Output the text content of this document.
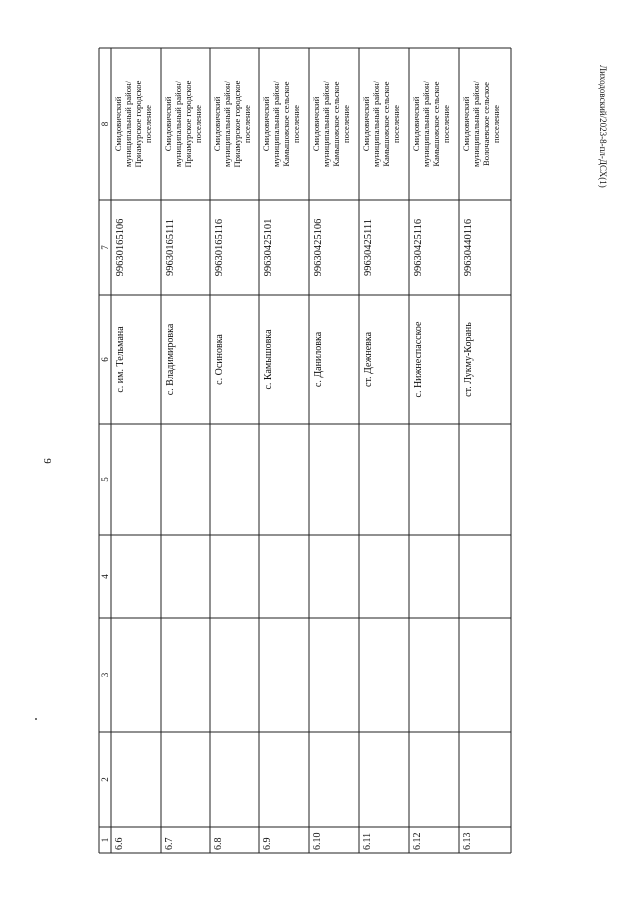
9
Лиходовский/2023-8-пл-ДСХ(1)
1
2
3
4
5
6
7
8
6.6
с. им. Тельмана
99630165106
Смидовичский муниципальный район/ Приамурское городское поселение
6.7
с. Владимировка
99630165111
Смидовичский муниципальный район/ Приамурское городское поселение
6.8
с. Осиновка
99630165116
Смидовичский муниципальный район/ Приамурское городское поселение
6.9
с. Камышовка
99630425101
Смидовичский муниципальный район/ Камышовское сельское поселение
6.10
с. Даниловка
99630425106
Смидовичский муниципальный район/ Камышовское сельское поселение
6.11
ст. Дежневка
99630425111
Смидовичский муниципальный район/ Камышовское сельское поселение
6.12
с. Нижнеспасское
99630425116
Смидовичский муниципальный район/ Камышовское сельское поселение
6.13
ст. Лукму-Корань
99630440116
Смидовичский муниципальный район/ Волочаевское сельское поселение
